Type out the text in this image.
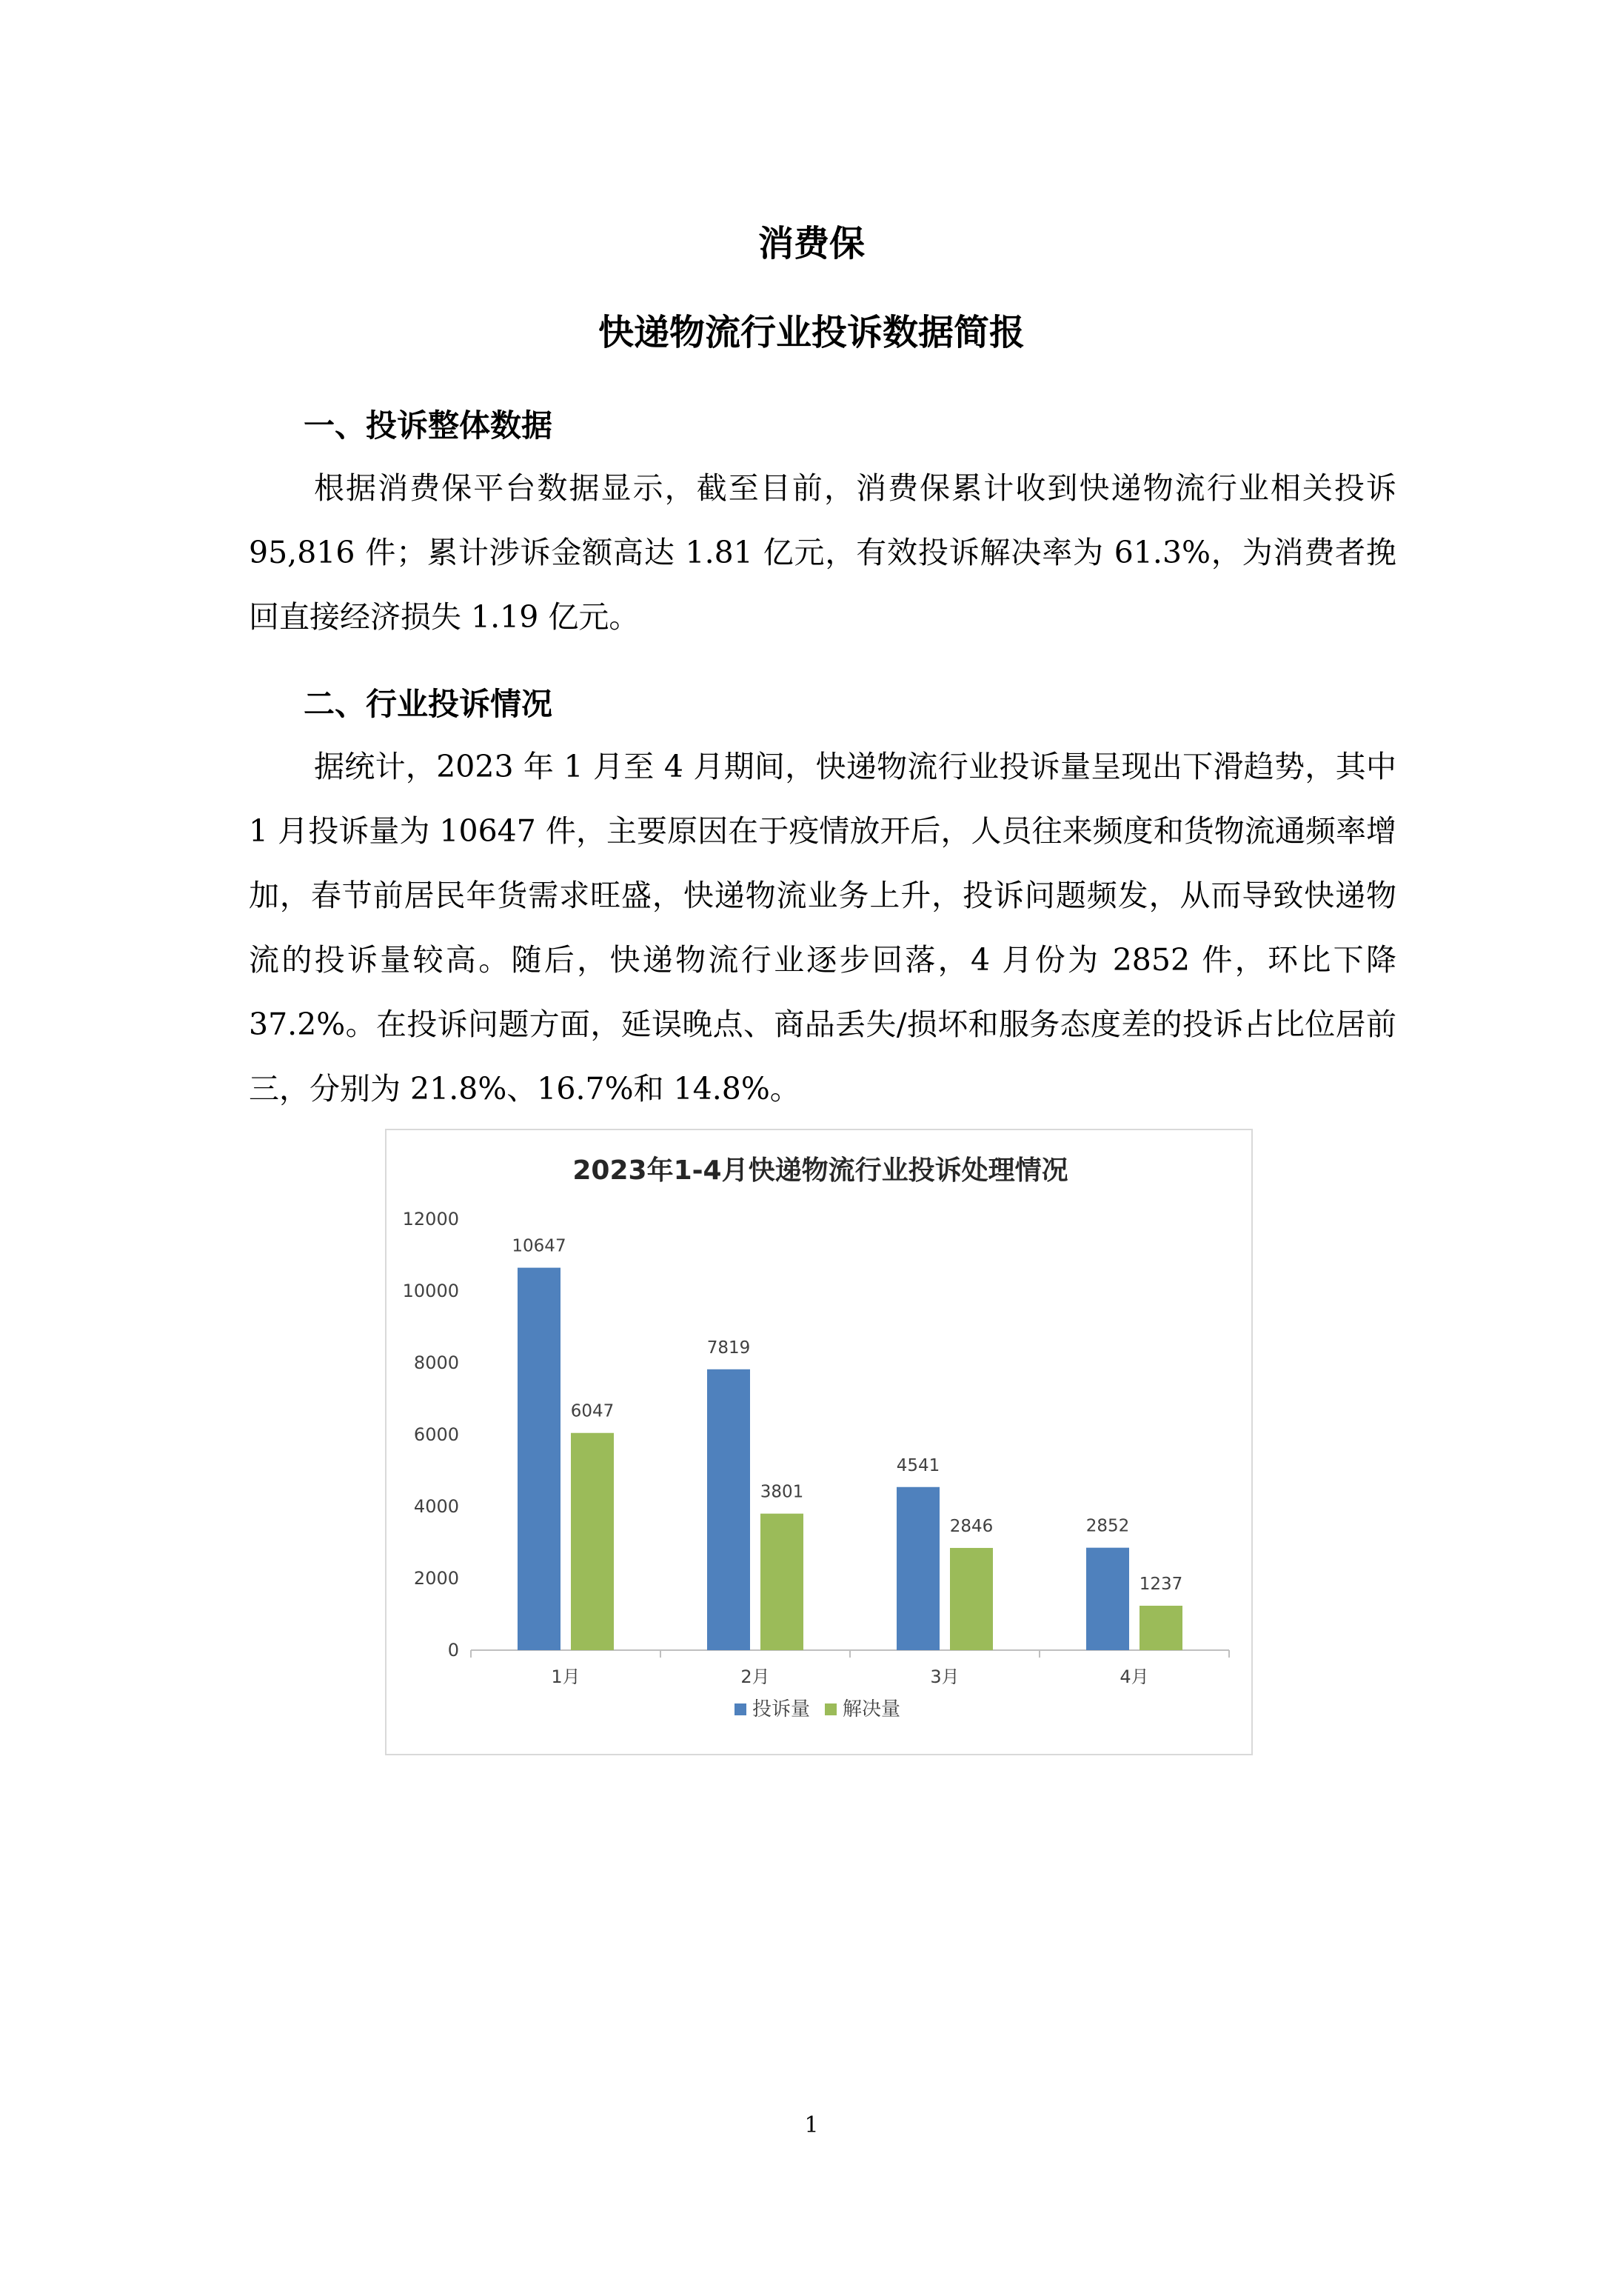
消费保
快递物流行业投诉数据简报
一、投诉整体数据
根据消费保平台数据显示，截至目前，消费保累计收到快递物流行业相关投诉 95,816 件；累计涉诉金额高达 1.81 亿元，有效投诉解决率为 61.3%，为消费者挽回直接经济损失 1.19 亿元。
二、行业投诉情况
据统计，2023 年 1 月至 4 月期间，快递物流行业投诉量呈现出下滑趋势，其中 1 月投诉量为 10647 件，主要原因在于疫情放开后，人员往来频度和货物流通频率增加，春节前居民年货需求旺盛，快递物流业务上升，投诉问题频发，从而导致快递物流的投诉量较高。随后，快递物流行业逐步回落，4 月份为 2852 件，环比下降 37.2%。在投诉问题方面，延误晚点、商品丢失/损坏和服务态度差的投诉占比位居前三，分别为 21.8%、16.7%和 14.8%。
2023年1-4月快递物流行业投诉处理情况
0
2000
4000
6000
8000
10000
12000
1月
10647
6047
2月
7819
3801
3月
4541
2846
4月
2852
1237
投诉量 解决量
1
